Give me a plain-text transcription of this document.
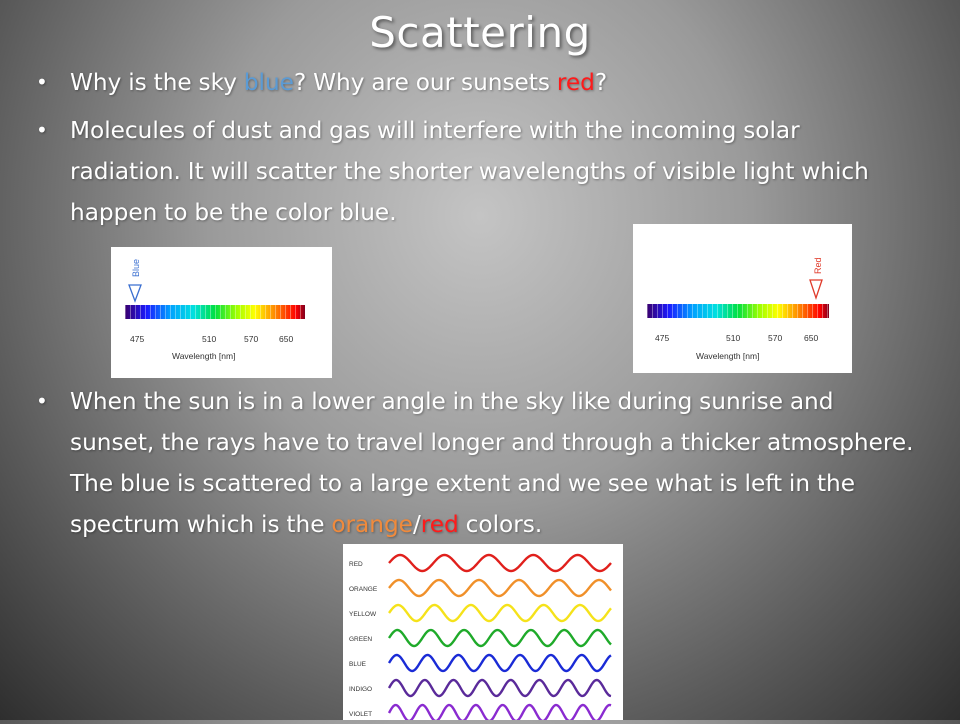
Scattering
• Why is the sky blue? Why are our sunsets red?
• Molecules of dust and gas will interfere with the incoming solar radiation. It will scatter the shorter wavelengths of visible light which happen to be the color blue.
Blue
475	510	570 650
Wavelength [nm]
Red
475	510	570	650
Wavelength [nm]
• When the sun is in a lower angle in the sky like during sunrise and sunset, the rays have to travel longer and through a thicker atmosphere. The blue is scattered to a large extent and we see what is left in the spectrum which is the orange/red colors.
RED
ORANGE
YELLOW
GREEN
BLUE
INDIGO
VIOLET
